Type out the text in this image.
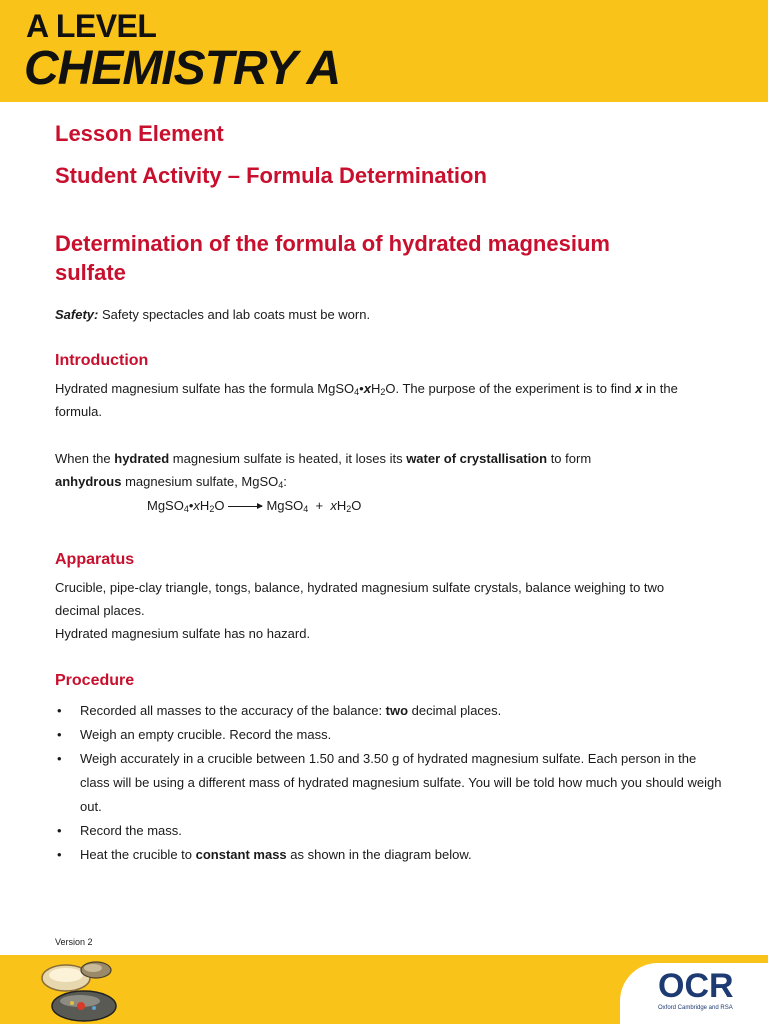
A LEVEL
CHEMISTRY A
Lesson Element
Student Activity – Formula Determination
Determination of the formula of hydrated magnesium sulfate
Safety: Safety spectacles and lab coats must be worn.
Introduction
Hydrated magnesium sulfate has the formula $MgSO_4•xH_2O$. The purpose of the experiment is to find x in the formula.
When the hydrated magnesium sulfate is heated, it loses its water of crystallisation to form
anhydrous magnesium sulfate, MgSO$_4$:
$MgSO_4•xH_2O$ → MgSO$_4$ + $xH_2O$
Apparatus
Crucible, pipe-clay triangle, tongs, balance, hydrated magnesium sulfate crystals, balance weighing to two decimal places.
Hydrated magnesium sulfate has no hazard.
Procedure
• Recorded all masses to the accuracy of the balance: two decimal places.
• Weigh an empty crucible. Record the mass.
• Weigh accurately in a crucible between 1.50 and 3.50 g of hydrated magnesium sulfate. Each person in the class will be using a different mass of hydrated magnesium sulfate. You will be told how much you should weigh out.
• Record the mass.
• Heat the crucible to constant mass as shown in the diagram below.
Version 2
OCR
Oxford Cambridge and RSA
